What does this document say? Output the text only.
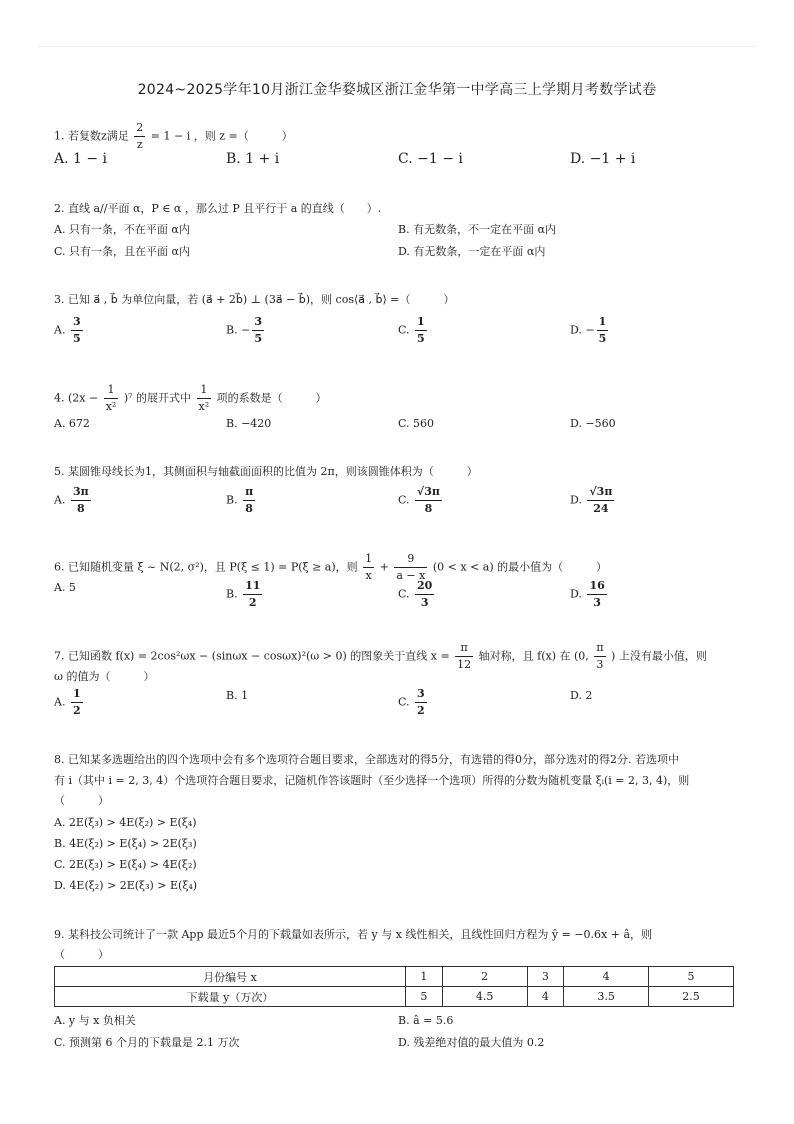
2024~2025学年10月浙江金华婺城区浙江金华第一中学高三上学期月考数学试卷
1. 若复数z满足 $\frac{2}{z} = 1 - i$ ，则 z =（　　　）
A. 1 − i	B. 1 + i	C. −1 − i	D. −1 + i
2. 直线 a//平面 α，P ∈ α ，那么过 P 且平行于 a 的直线（　　）.
A. 只有一条，不在平面 α内	B. 有无数条，不一定在平面 α内
C. 只有一条，且在平面 α内	D. 有无数条，一定在平面 α内
3. 已知 a⃗ , b⃗ 为单位向量，若 (a⃗ + 2b⃗) ⊥ (3a⃗ − b⃗)，则 cos⟨a⃗ , b⃗⟩ =（　　　）
A. $\frac{3}{5}$	B. − $\frac{3}{5}$	C. $\frac{1}{5}$	D. − $\frac{1}{5}$
4. $(2x - \frac{1}{\text{x²}} )^7$ 的展开式中 $\frac{1}{\text{x²}}$ 项的系数是（　　　）
A. 672	B. −420	C. 560	D. −560
5. 某圆锥母线长为1，其侧面积与轴截面面积的比值为 2π，则该圆锥体积为（　　　）
A. $\frac{3\pi}{8}$	B. $\frac{\pi}{8}$	C. $\frac{√3\pi}{8}$	D. $\frac{√3\pi}{24}$
6. 已知随机变量 ξ ~ N(2, σ²)，且 P(ξ ≤ 1) = P(ξ ≥ a)，则 $\frac{1}{x} + \frac{9}{a - x} (0 < x < a)$ 的最小值为（　　　）
A. 5	B. $\frac{11}{2}$	C. $\frac{20}{3}$	D. $\frac{16}{3}$
7. 已知函数 f(x) = 2cos²ωx − (sinωx − cosωx)²(ω > 0) 的图象关于直线 $x = \frac{\pi}{12}$ 轴对称，且 f(x) 在 (0, $\frac{\pi}{3}$ ) 上没有最小值，则
ω 的值为（　　　）
A. $\frac{1}{2}$	B. 1	C. $\frac{3}{2}$	D. 2
8. 已知某多选题给出的四个选项中会有多个选项符合题目要求，全部选对的得5分，有选错的得0分，部分选对的得2分. 若选项中
有 i（其中 i = 2, 3, 4）个选项符合题目要求，记随机作答该题时（至少选择一个选项）所得的分数为随机变量 ξᵢ(i = 2, 3, 4)，则
（　　　）
A. 2E(ξ₃) > 4E(ξ₂) > E(ξ₄)
B. 4E(ξ₂) > E(ξ₄) > 2E(ξ₃)
C. 2E(ξ₃) > E(ξ₄) > 4E(ξ₂)
D. 4E(ξ₂) > 2E(ξ₃) > E(ξ₄)
9. 某科技公司统计了一款 App 最近5个月的下载量如表所示，若 y 与 x 线性相关，且线性回归方程为 ŷ = −0.6x + â，则
（　　　）
月份编号 x	1	2	3	4	5
下载量 y（万次）	5	4.5	4	3.5	2.5
A. y 与 x 负相关	B. â = 5.6
C. 预测第 6 个月的下载量是 2.1 万次	D. 残差绝对值的最大值为 0.2
